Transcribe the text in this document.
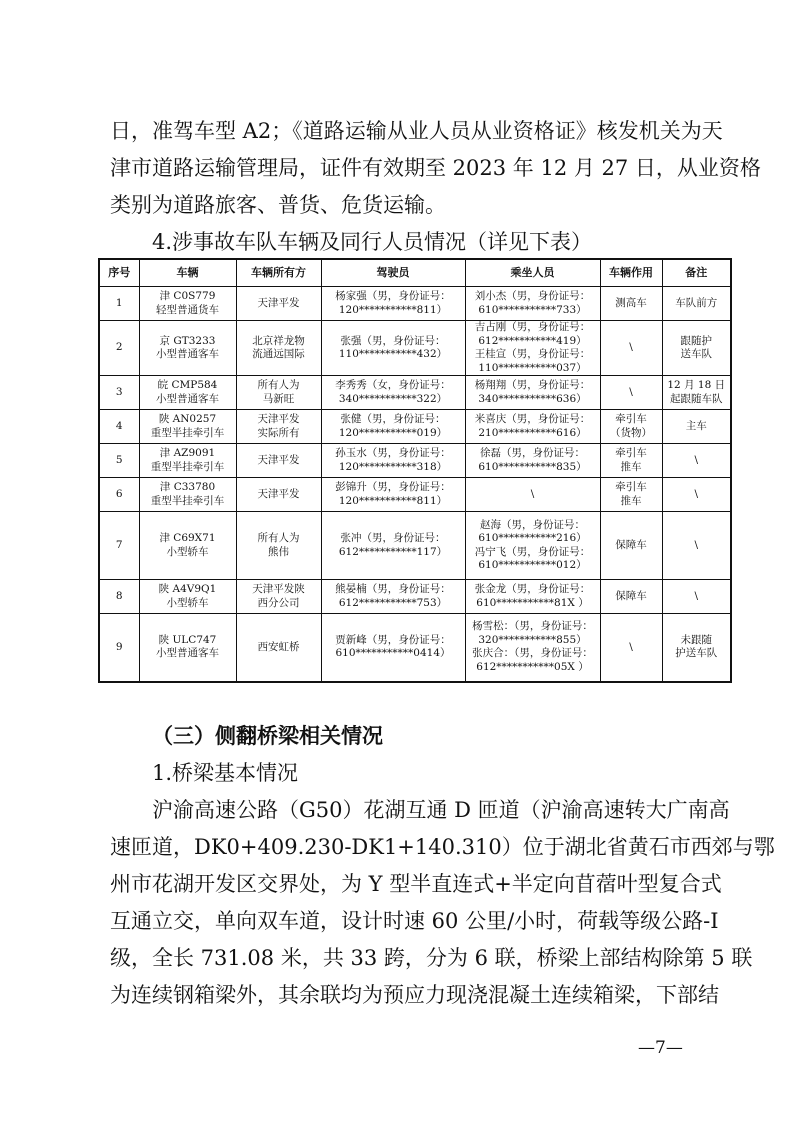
日，准驾车型 A2；《道路运输从业人员从业资格证》核发机关为天
津市道路运输管理局，证件有效期至 2023 年 12 月 27 日，从业资格
类别为道路旅客、普货、危货运输。
4.涉事故车队车辆及同行人员情况（详见下表）
序号	车辆	车辆所有方	驾驶员	乘坐人员	车辆作用	备注
1	津 C0S779
轻型普通货车	天津平发	杨家强（男，身份证号：
120***********811）	刘小杰（男，身份证号：
610***********733）	测高车	车队前方

2	京 GT3233
小型普通客车	北京祥龙物
流通远国际	张强（男，身份证号：
110***********432）	吉占刚（男，身份证号：
612***********419）
王桂宣（男，身份证号：
110***********037）	\	跟随护
送车队

3	皖 CMP584
小型普通客车	所有人为
马新旺	李秀秀（女，身份证号：
340***********322）	杨翔翔（男，身份证号：
340***********636）	\	12 月 18 日
起跟随车队

4	陕 AN0257
重型半挂牵引车	天津平发
实际所有	张健（男，身份证号：
120***********019）	米喜庆（男，身份证号：
210***********616）	牵引车
（货物）	主车

5	津 AZ9091
重型半挂牵引车	天津平发	孙玉水（男，身份证号：
120***********318）	徐磊（男，身份证号：
610***********835）	牵引车
推车	\

6	津 C33780
重型半挂牵引车	天津平发	彭锦升（男，身份证号：
120***********811）	\	牵引车
推车	\

7	津 C69X71
小型轿车	所有人为
熊伟	张冲（男，身份证号：
612***********117）	赵海（男，身份证号：
610***********216）
冯宁飞（男，身份证号：
610***********012）	保障车	\

8	陕 A4V9Q1
小型轿车	天津平发陕
西分公司	熊晏楠（男，身份证号：
612***********753）	张金龙（男，身份证号：
610***********81X ）	保障车	\

9	陕 ULC747
小型普通客车	西安虹桥	贾新峰（男，身份证号：
610***********0414）	杨雪松：（男，身份证号：
320***********855）
张庆合：（男，身份证号：
612***********05X ）	\	未跟随
护送车队
（三）侧翻桥梁相关情况
1.桥梁基本情况
沪渝高速公路（G50）花湖互通 D 匝道（沪渝高速转大广南高
速匝道，DK0+409.230-DK1+140.310）位于湖北省黄石市西郊与鄂
州市花湖开发区交界处，为 Y 型半直连式+半定向苜蓿叶型复合式
互通立交，单向双车道，设计时速 60 公里/小时，荷载等级公路-Ⅰ
级，全长 731.08 米，共 33 跨，分为 6 联，桥梁上部结构除第 5 联
为连续钢箱梁外，其余联均为预应力现浇混凝土连续箱梁，下部结
—7—
